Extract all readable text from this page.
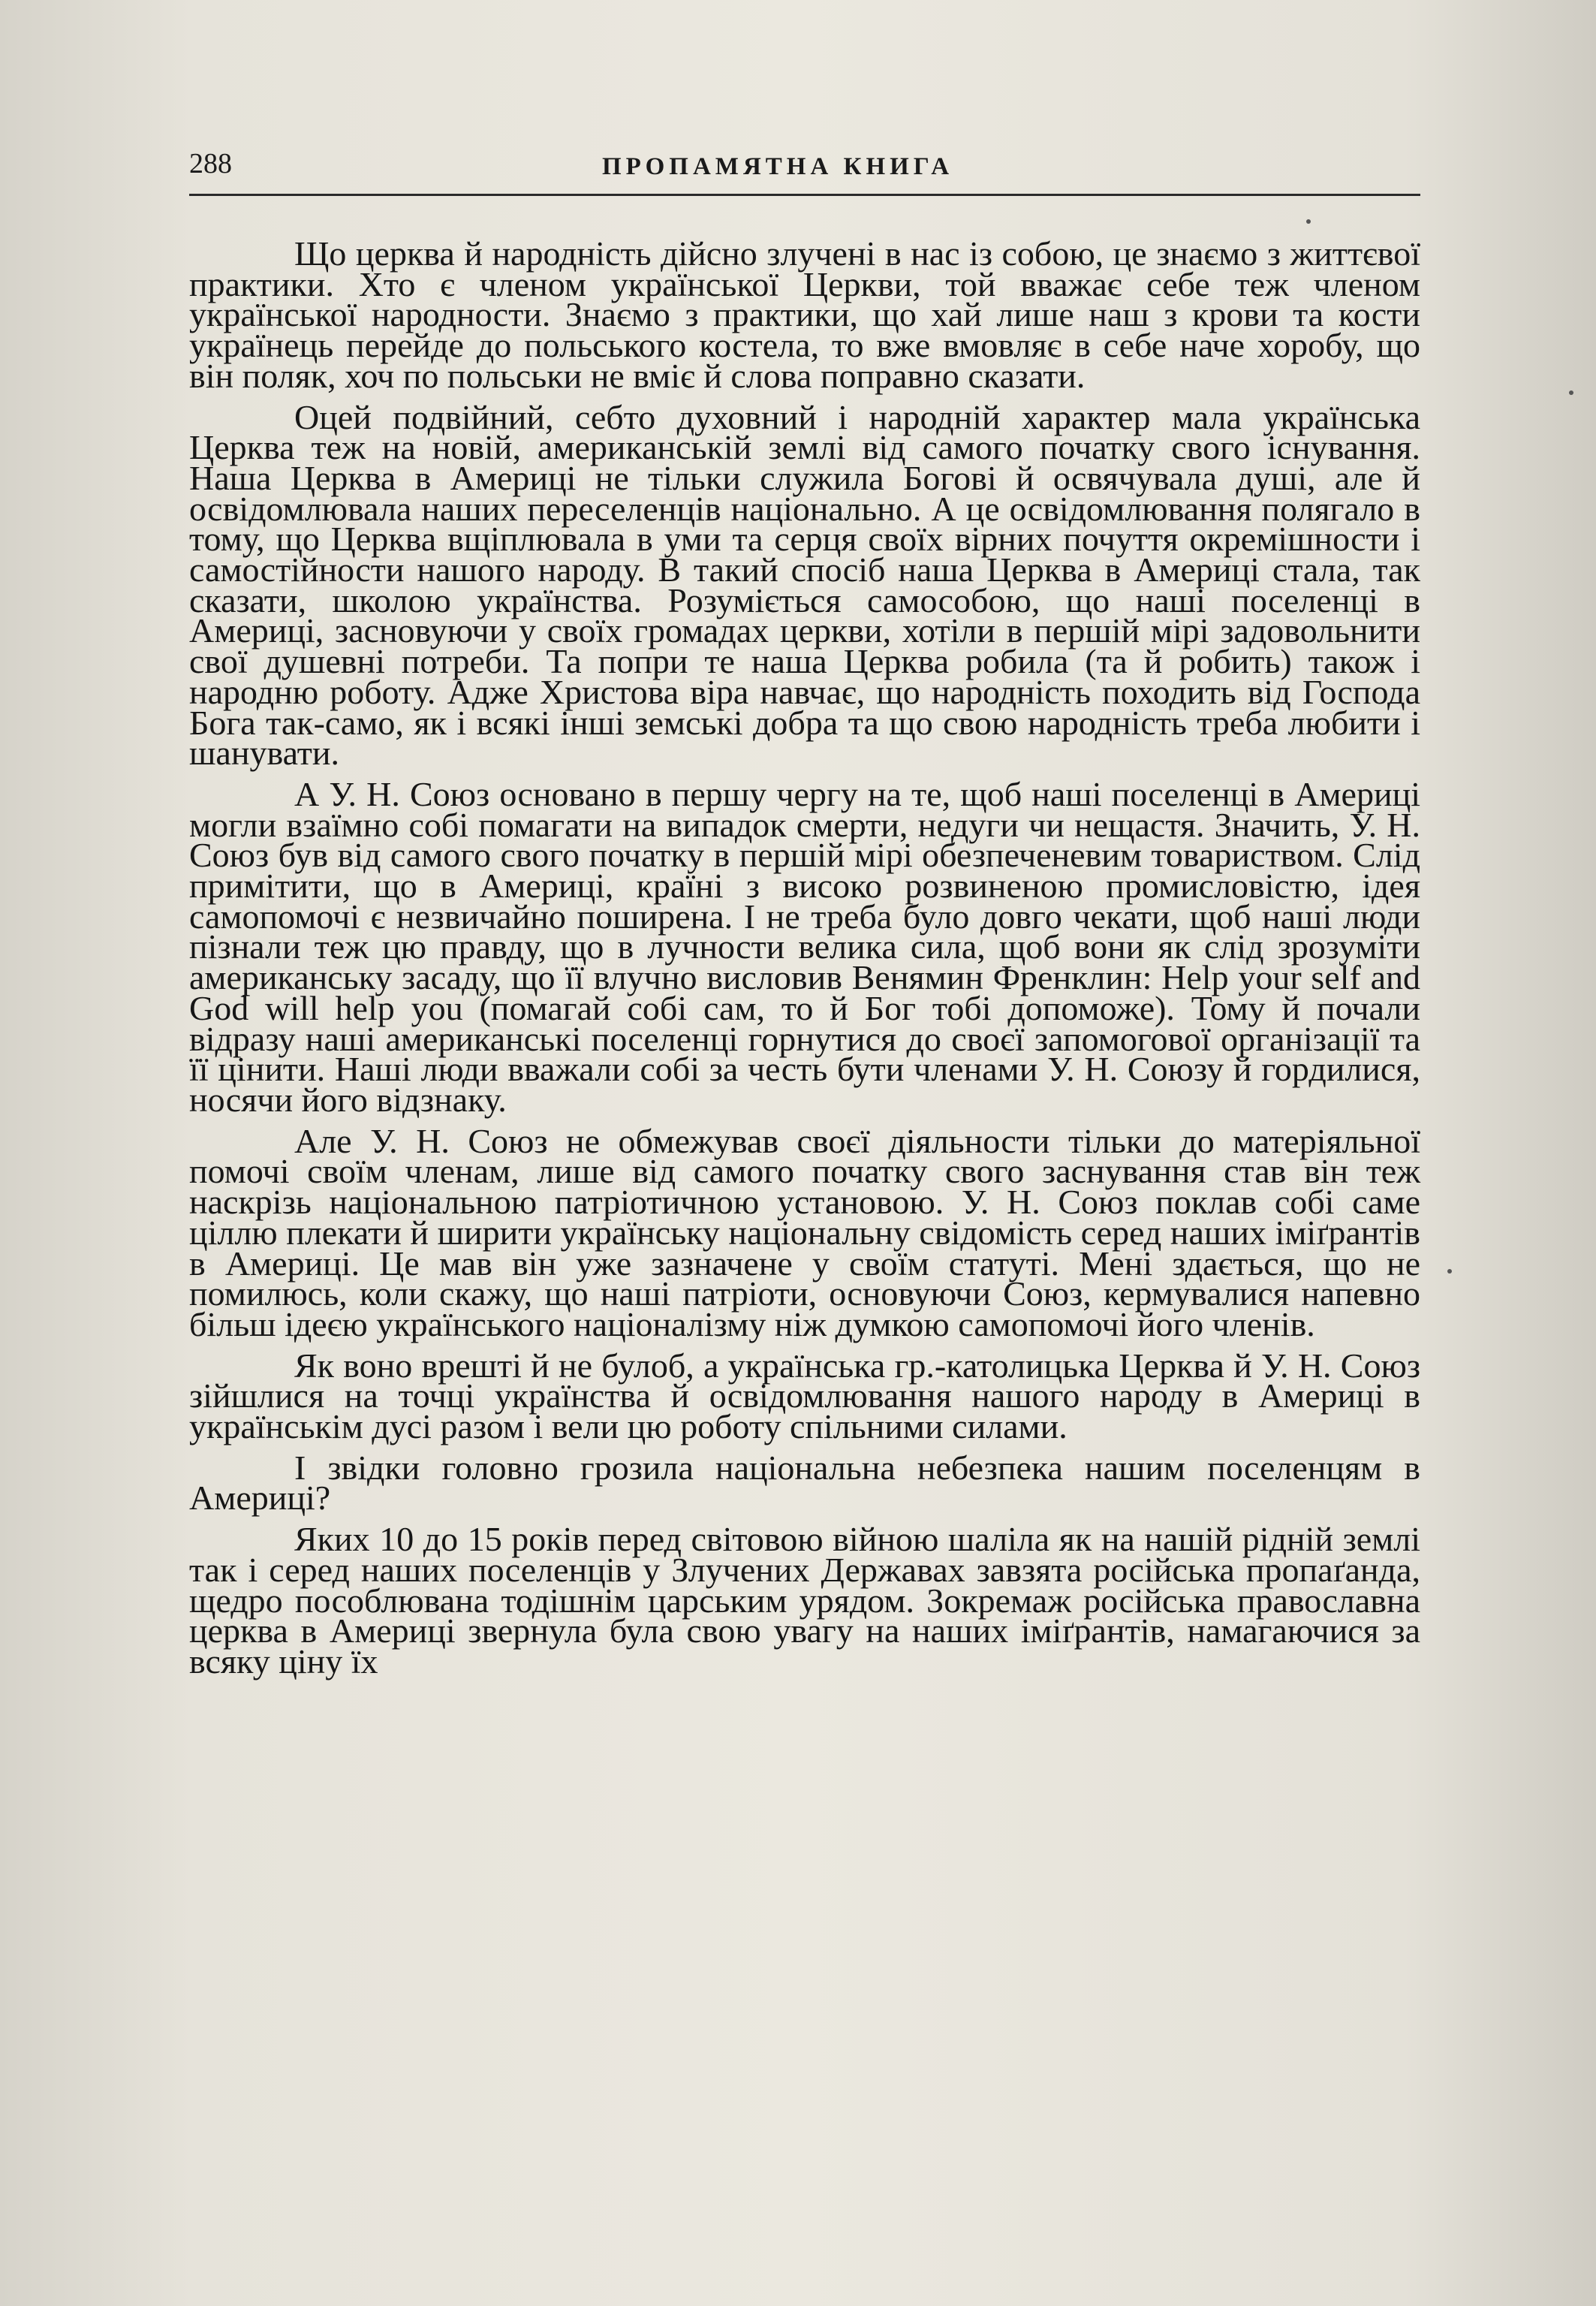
288	ПРОПАМЯТНА КНИГА

Що церква й народність дійсно злучені в нас із собою, це знаємо з життєвої практики. Хто є членом української Церкви, той вважає себе теж членом української народности. Знаємо з практики, що хай лише наш з крови та кости українець перейде до польського костела, то вже вмовляє в себе наче хоробу, що він поляк, хоч по польськи не вміє й слова поправно сказати.

Оцей подвійний, себто духовний і народній характер мала українська Церква теж на новій, американській землі від самого початку свого існування. Наша Церква в Америці не тільки служила Богові й освячувала душі, але й освідомлювала наших переселенців національно. А це освідомлювання полягало в тому, що Церква вщіплювала в уми та серця своїх вірних почуття окремішности і самостійности нашого народу. В такий спосіб наша Церква в Америці стала, так сказати, школою українства. Розуміється самособою, що наші поселенці в Америці, засновуючи у своїх громадах церкви, хотіли в першій мірі задовольнити свої душевні потреби. Та попри те наша Церква робила (та й робить) також і народню роботу. Адже Христова віра навчає, що народність походить від Господа Бога так-само, як і всякі інші земські добра та що свою народність треба любити і шанувати.

А У. Н. Союз основано в першу чергу на те, щоб наші поселенці в Америці могли взаїмно собі помагати на випадок смерти, недуги чи нещастя. Значить, У. Н. Союз був від самого свого початку в першій мірі обезпеченевим товариством. Слід примітити, що в Америці, країні з високо розвиненою промисловістю, ідея самопомочі є незвичайно поширена. І не треба було довго чекати, щоб наші люди пізнали теж цю правду, що в лучности велика сила, щоб вони як слід зрозуміти американську засаду, що її влучно висловив Венямин Френклин: Help your self and God will help you (помагай собі сам, то й Бог тобі допоможе). Тому й почали відразу наші американські поселенці горнутися до своєї запомогової організації та її цінити. Наші люди вважали собі за честь бути членами У. Н. Союзу й гордилися, носячи його відзнаку.

Але У. Н. Союз не обмежував своєї діяльности тільки до матеріяльної помочі своїм членам, лише від самого початку свого заснування став він теж наскрізь національною патріотичною установою. У. Н. Союз поклав собі саме ціллю плекати й ширити українську національну свідомість серед наших іміґрантів в Америці. Це мав він уже зазначене у своїм статуті. Мені здається, що не помилюсь, коли скажу, що наші патріоти, основуючи Союз, кермувалися напевно більш ідеєю українського націоналізму ніж думкою самопомочі його членів.

Як воно врешті й не булоб, а українська гр.-католицька Церква й У. Н. Союз зійшлися на точці українства й освідомлювання нашого народу в Америці в українськім дусі разом і вели цю роботу спільними силами.

І звідки головно грозила національна небезпека нашим поселенцям в Америці?

Яких 10 до 15 років перед світовою війною шаліла як на нашій рідній землі так і серед наших поселенців у Злучених Державах завзята російська пропаґанда, щедро пособлювана тодішнім царським урядом. Зокремаж російська православна церква в Америці звернула була свою увагу на наших іміґрантів, намагаючися за всяку ціну їх
